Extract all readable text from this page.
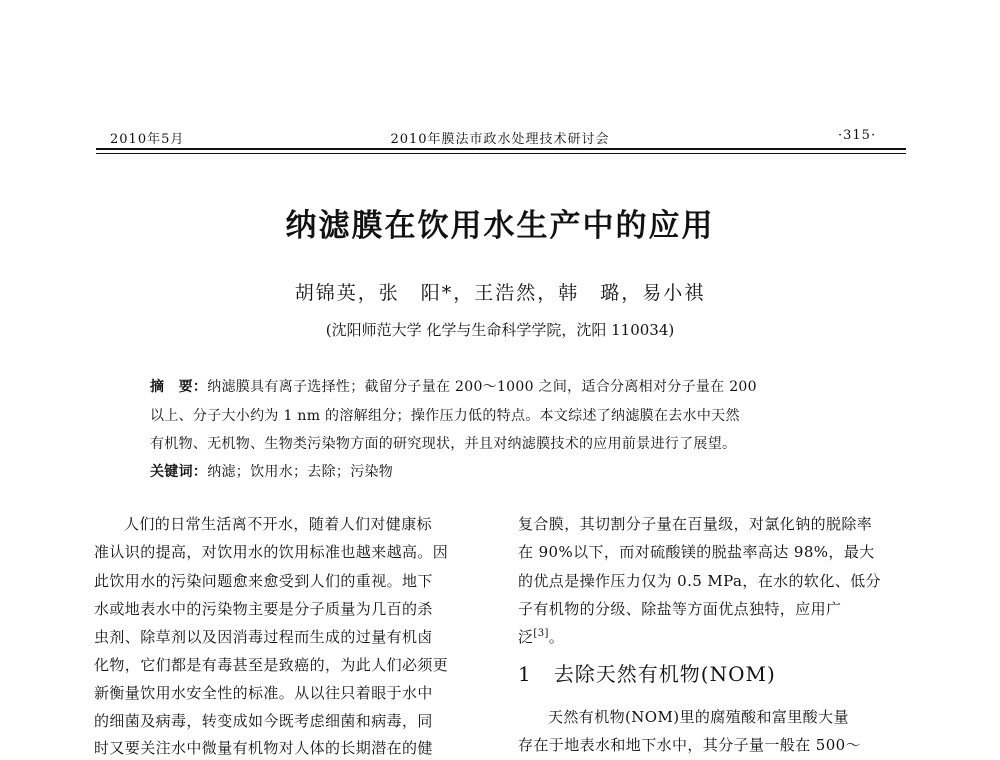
2010年5月	2010年膜法市政水处理技术研讨会	·315·
纳滤膜在饮用水生产中的应用
胡锦英，张　阳*，王浩然，韩　璐，易小祺
(沈阳师范大学 化学与生命科学学院，沈阳 110034)
摘　要：纳滤膜具有离子选择性；截留分子量在 200～1000 之间，适合分离相对分子量在 200
以上、分子大小约为 1 nm 的溶解组分；操作压力低的特点。本文综述了纳滤膜在去水中天然
有机物、无机物、生物类污染物方面的研究现状，并且对纳滤膜技术的应用前景进行了展望。
关键词：纳滤；饮用水；去除；污染物
人们的日常生活离不开水，随着人们对健康标
准认识的提高，对饮用水的饮用标准也越来越高。因
此饮用水的污染问题愈来愈受到人们的重视。地下
水或地表水中的污染物主要是分子质量为几百的杀
虫剂、除草剂以及因消毒过程而生成的过量有机卤
化物，它们都是有毒甚至是致癌的，为此人们必须更
新衡量饮用水安全性的标准。从以往只着眼于水中
的细菌及病毒，转变成如今既考虑细菌和病毒，同
时又要关注水中微量有机物对人体的长期潜在的健
复合膜，其切割分子量在百量级，对氯化钠的脱除率
在 90%以下，而对硫酸镁的脱盐率高达 98%，最大
的优点是操作压力仅为 0.5 MPa，在水的软化、低分
子有机物的分级、除盐等方面优点独特，应用广
泛[3]。
1 去除天然有机物(NOM)
天然有机物(NOM)里的腐殖酸和富里酸大量
存在于地表水和地下水中，其分子量一般在 500～
